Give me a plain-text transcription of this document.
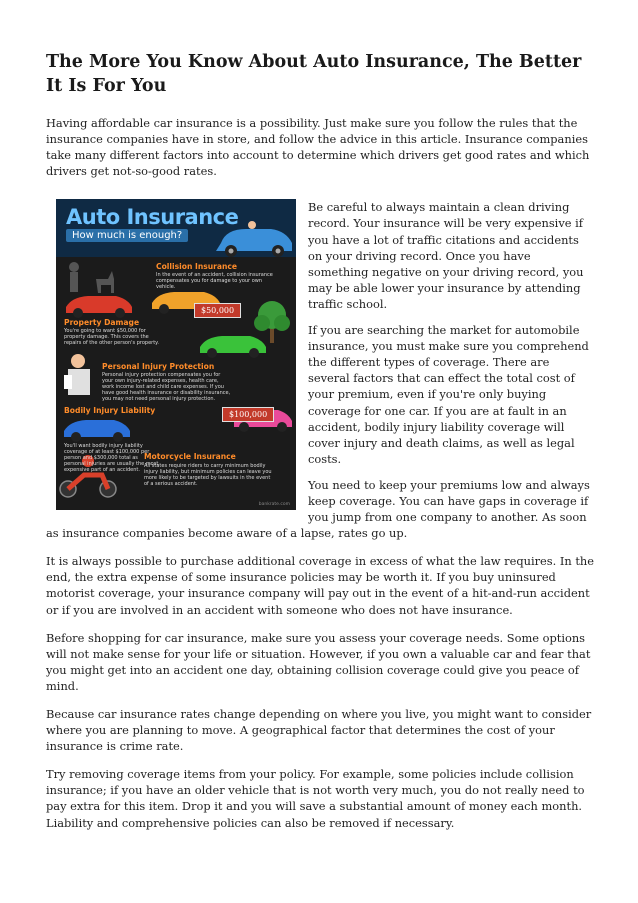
The More You Know About Auto Insurance, The Better It Is For You

Having affordable car insurance is a possibility. Just make sure you follow the rules that the insurance companies have in store, and follow the advice in this article. Insurance companies take many different factors into account to determine which drivers get good rates and which drivers get not-so-good rates.

Auto Insurance
How much is enough?
Collision Insurance
In the event of an accident, collision insurance compensates you for damage to your own vehicle.
$50,000
Property Damage
You're going to want $50,000 for property damage. This covers the repairs of the other person's property.
Personal Injury Protection
Personal injury protection compensates you for your own injury-related expenses, health care, work income lost and child care expenses. If you have good health insurance or disability insurance, you may not need personal injury protection.
$100,000
Bodily Injury Liability
You'll want bodily injury liability coverage of at least $100,000 per person and $300,000 total as personal injuries are usually the most expensive part of an accident.
Motorcycle Insurance
All states require riders to carry minimum bodily injury liability, but minimum policies can leave you more likely to be targeted by lawsuits in the event of a serious accident.
bankrate.com

Be careful to always maintain a clean driving record. Your insurance will be very expensive if you have a lot of traffic citations and accidents on your driving record. Once you have something negative on your driving record, you may be able lower your insurance by attending traffic school.

If you are searching the market for automobile insurance, you must make sure you comprehend the different types of coverage. There are several factors that can effect the total cost of your premium, even if you're only buying coverage for one car. If you are at fault in an accident, bodily injury liability coverage will cover injury and death claims, as well as legal costs.

You need to keep your premiums low and always keep coverage. You can have gaps in coverage if you jump from one company to another. As soon as insurance companies become aware of a lapse, rates go up.

It is always possible to purchase additional coverage in excess of what the law requires. In the end, the extra expense of some insurance policies may be worth it. If you buy uninsured motorist coverage, your insurance company will pay out in the event of a hit-and-run accident or if you are involved in an accident with someone who does not have insurance.

Before shopping for car insurance, make sure you assess your coverage needs. Some options will not make sense for your life or situation. However, if you own a valuable car and fear that you might get into an accident one day, obtaining collision coverage could give you peace of mind.

Because car insurance rates change depending on where you live, you might want to consider where you are planning to move. A geographical factor that determines the cost of your insurance is crime rate.

Try removing coverage items from your policy. For example, some policies include collision insurance; if you have an older vehicle that is not worth very much, you do not really need to pay extra for this item. Drop it and you will save a substantial amount of money each month. Liability and comprehensive policies can also be removed if necessary.
